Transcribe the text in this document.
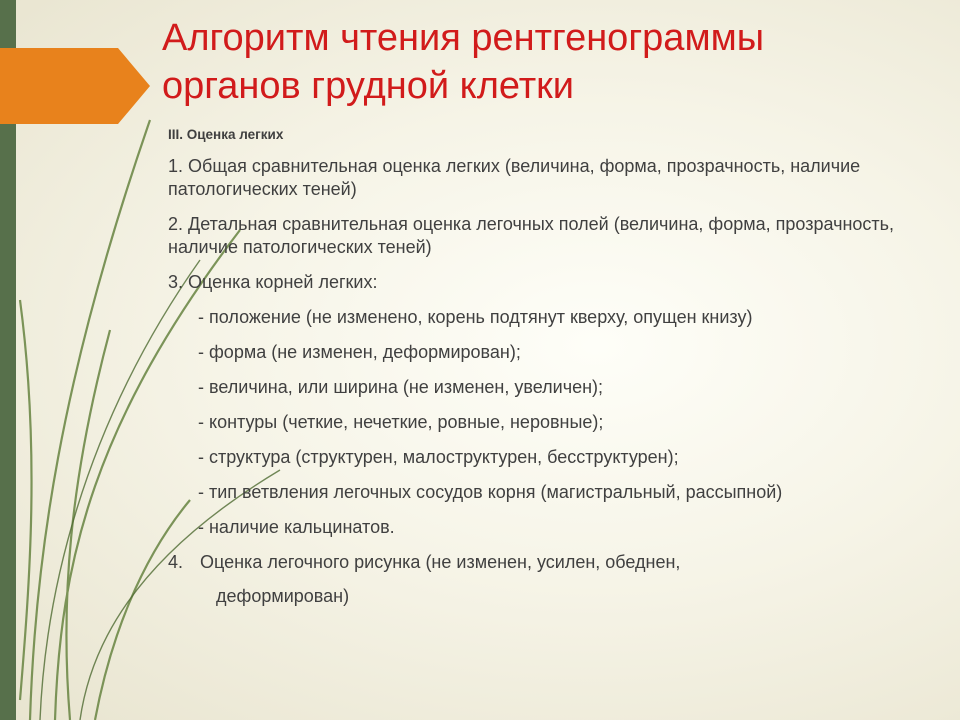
Алгоритм чтения рентгенограммы
органов грудной клетки
III. Оценка легких
1. Общая сравнительная оценка легких (величина, форма, прозрачность, наличие патологических теней)
2. Детальная сравнительная оценка легочных полей (величина, форма, прозрачность, наличие патологических теней)
3. Оценка корней легких:
- положение (не изменено, корень подтянут кверху, опущен книзу)
- форма (не изменен, деформирован);
- величина, или ширина (не изменен, увеличен);
- контуры (четкие, нечеткие, ровные, неровные);
- структура (структурен, малоструктурен, бесструктурен);
- тип ветвления легочных сосудов корня (магистральный, рассыпной)
- наличие кальцинатов.
4. Оценка легочного рисунка (не изменен, усилен, обеднен,
деформирован)
